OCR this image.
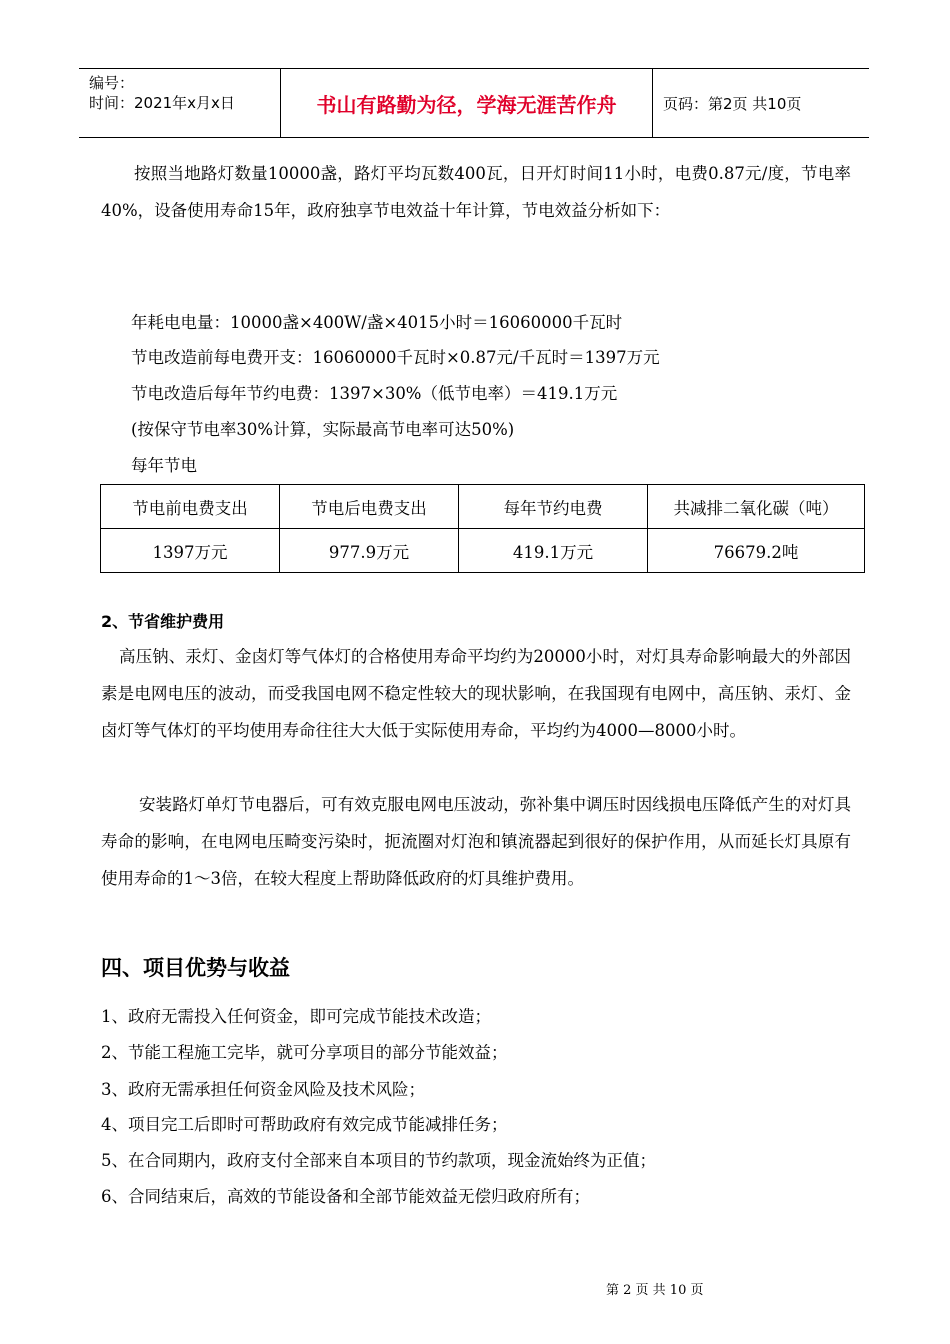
编号：
时间：2021年x月x日	书山有路勤为径，学海无涯苦作舟	页码：第2页 共10页
按照当地路灯数量10000盏，路灯平均瓦数400瓦，日开灯时间11小时，电费0.87元/度，节电率40%，设备使用寿命15年，政府独享节电效益十年计算，节电效益分析如下：
年耗电电量：10000盏×400W/盏×4015小时＝16060000千瓦时
节电改造前每电费开支：16060000千瓦时×0.87元/千瓦时＝1397万元
节电改造后每年节约电费：1397×30%（低节电率）＝419.1万元
(按保守节电率30%计算，实际最高节电率可达50%)
每年节电
节电前电费支出	节电后电费支出	每年节约电费	共减排二氧化碳（吨）
1397万元	977.9万元	419.1万元	76679.2吨
2、节省维护费用
高压钠、汞灯、金卤灯等气体灯的合格使用寿命平均约为20000小时，对灯具寿命影响最大的外部因素是电网电压的波动，而受我国电网不稳定性较大的现状影响，在我国现有电网中，高压钠、汞灯、金卤灯等气体灯的平均使用寿命往往大大低于实际使用寿命，平均约为4000—8000小时。
安装路灯单灯节电器后，可有效克服电网电压波动，弥补集中调压时因线损电压降低产生的对灯具寿命的影响，在电网电压畸变污染时，扼流圈对灯泡和镇流器起到很好的保护作用，从而延长灯具原有使用寿命的1～3倍，在较大程度上帮助降低政府的灯具维护费用。
四、项目优势与收益
1、政府无需投入任何资金，即可完成节能技术改造；
2、节能工程施工完毕，就可分享项目的部分节能效益；
3、政府无需承担任何资金风险及技术风险；
4、项目完工后即时可帮助政府有效完成节能减排任务；
5、在合同期内，政府支付全部来自本项目的节约款项，现金流始终为正值；
6、合同结束后，高效的节能设备和全部节能效益无偿归政府所有；
第 2 页 共 10 页
